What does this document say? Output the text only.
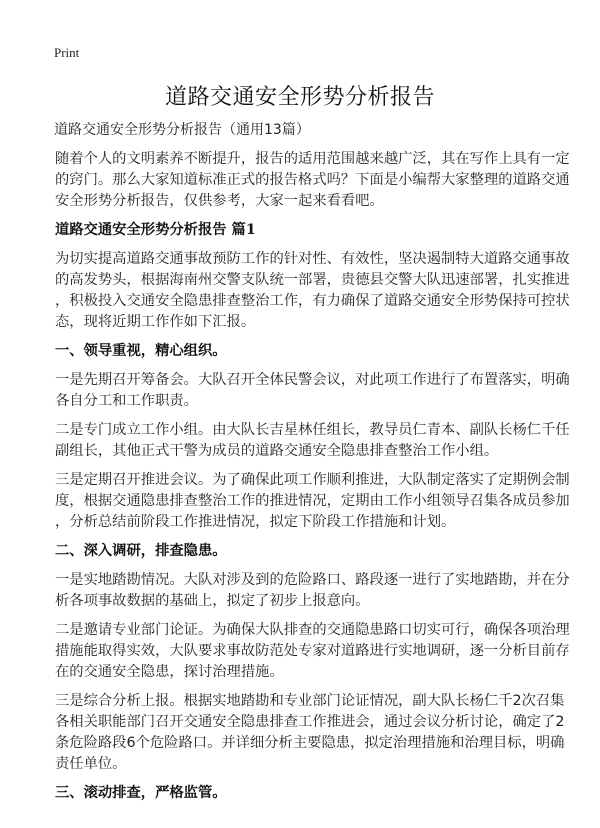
Print
道路交通安全形势分析报告
道路交通安全形势分析报告（通用13篇）

随着个人的文明素养不断提升，报告的适用范围越来越广泛，其在写作上具有一定
的窍门。那么大家知道标准正式的报告格式吗？下面是小编帮大家整理的道路交通
安全形势分析报告，仅供参考，大家一起来看看吧。

道路交通安全形势分析报告 篇1

为切实提高道路交通事故预防工作的针对性、有效性，坚决遏制特大道路交通事故
的高发势头，根据海南州交警支队统一部署，贵德县交警大队迅速部署，扎实推进
，积极投入交通安全隐患排查整治工作，有力确保了道路交通安全形势保持可控状
态，现将近期工作作如下汇报。

一、领导重视，精心组织。

一是先期召开筹备会。大队召开全体民警会议，对此项工作进行了布置落实，明确
各自分工和工作职责。

二是专门成立工作小组。由大队长吉星林任组长，教导员仁青本、副队长杨仁千任
副组长，其他正式干警为成员的道路交通安全隐患排查整治工作小组。

三是定期召开推进会议。为了确保此项工作顺利推进，大队制定落实了定期例会制
度，根据交通隐患排查整治工作的推进情况，定期由工作小组领导召集各成员参加
，分析总结前阶段工作推进情况，拟定下阶段工作措施和计划。

二、深入调研，排查隐患。

一是实地踏勘情况。大队对涉及到的危险路口、路段逐一进行了实地踏勘，并在分
析各项事故数据的基础上，拟定了初步上报意向。

二是邀请专业部门论证。为确保大队排查的交通隐患路口切实可行，确保各项治理
措施能取得实效，大队要求事故防范处专家对道路进行实地调研，逐一分析目前存
在的交通安全隐患，探讨治理措施。

三是综合分析上报。根据实地踏勘和专业部门论证情况，副大队长杨仁千2次召集
各相关职能部门召开交通安全隐患排查工作推进会，通过会议分析讨论，确定了2
条危险路段6个危险路口。并详细分析主要隐患，拟定治理措施和治理目标，明确
责任单位。

三、滚动排查，严格监管。
